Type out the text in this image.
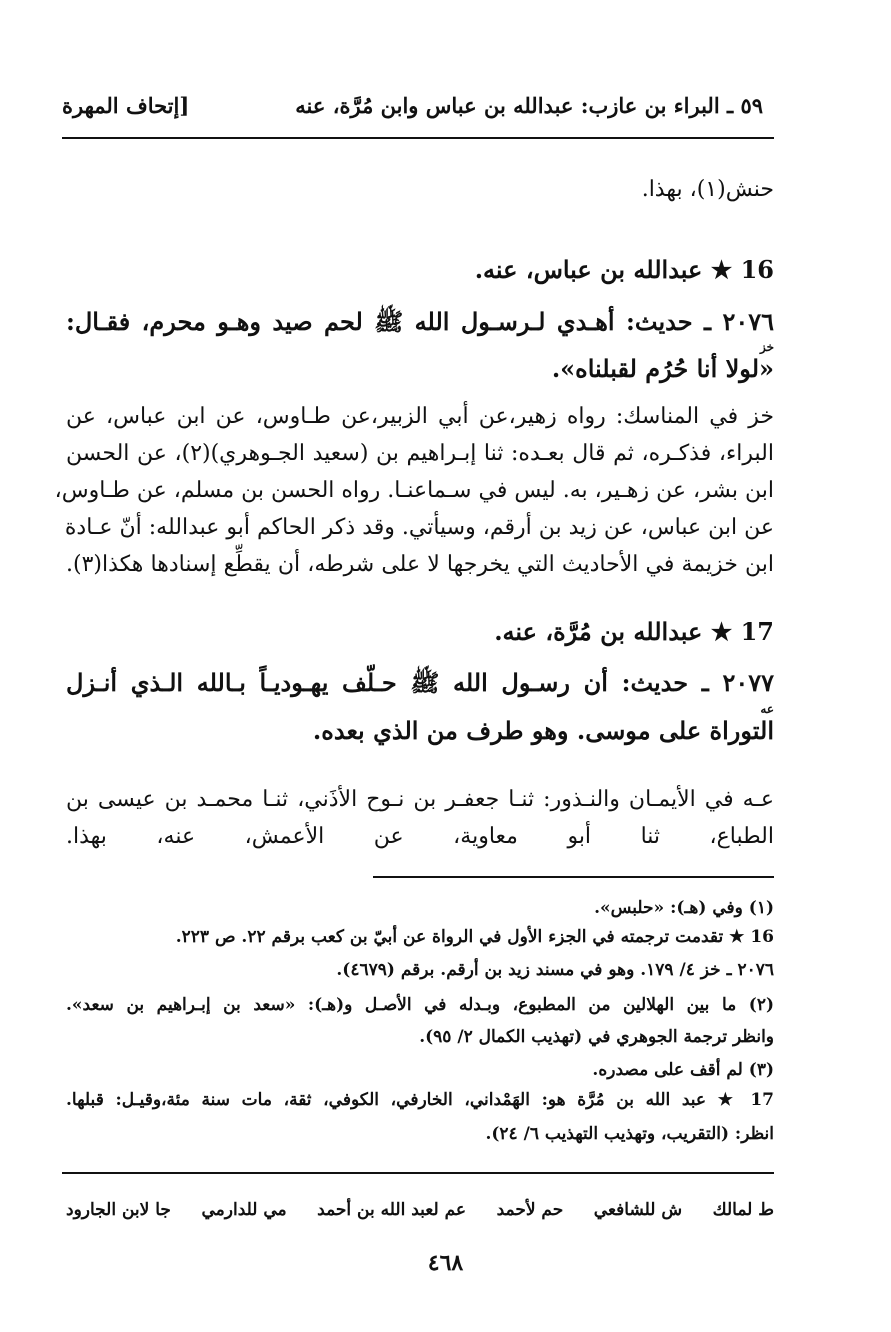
٥٩ ـ البراء بن عازب: عبدالله بن عباس وابن مُرَّة، عنه
[إتحاف المهرة
حنش(١)، بهذا.
16 ★ عبدالله بن عباس، عنه.
٢٠٧٦ ـ حديث: أهـدي لـرسـول الله ﷺ لحم صيد وهـو محرم، فقـال:
خز
«لولا أنا حُرُم لقبلناه».
خز في المناسك: رواه زهير،عن أبي الزبير،عن طـاوس، عن ابن عباس، عن
البراء، فذكـره، ثم قال بعـده: ثنا إبـراهيم بن (سعيد الجـوهري)(٢)، عن الحسن
ابن بشر، عن زهـير، به. ليس في سـماعنـا. رواه الحسن بن مسلم، عن طـاوس،
عن ابن عباس، عن زيد بن أرقم، وسيأتي. وقد ذكر الحاكم أبو عبدالله: أنّ عـادة
ابن خزيمة في الأحاديث التي يخرجها لا على شرطه، أن يقطِّع إسنادها هكذا(٣).
17 ★ عبدالله بن مُرَّة، عنه.
٢٠٧٧ ـ حديث: أن رسـول الله ﷺ حـلّف يهـوديـاً بـالله الـذي أنـزل
عه
التوراة على موسى. وهو طرف من الذي بعده.
عـه في الأيمـان والنـذور: ثنـا جعفـر بن نـوح الأذَني، ثنـا محمـد بن عيسى بن
الطباع، ثنا أبو معاوية، عن الأعمش، عنه، بهذا.
(١) وفي (هـ): «حلبس».
16 ★ تقدمت ترجمته في الجزء الأول في الرواة عن أبيّ بن كعب برقم ٢٢. ص ٢٢٣.
٢٠٧٦ ـ خز ٤/ ١٧٩. وهو في مسند زيد بن أرقم. برقم (٤٦٧٩).
(٢) ما بين الهلالين من المطبوع، وبـدله في الأصـل و(هـ): «سعد بن إبـراهيم بن سعد».
وانظر ترجمة الجوهري في (تهذيب الكمال ٢/ ٩٥).
(٣) لم أقف على مصدره.
17 ★ عبد الله بن مُرَّة هو: الهَمْداني، الخارفي، الكوفي، ثقة، مات سنة مئة،وقيـل: قبلها.
انظر: (التقريب، وتهذيب التهذيب ٦/ ٢٤).
ط لمالك
ش للشافعي
حم لأحمد
عم لعبد الله بن أحمد
مي للدارمي
جا لابن الجارود
٤٦٨
